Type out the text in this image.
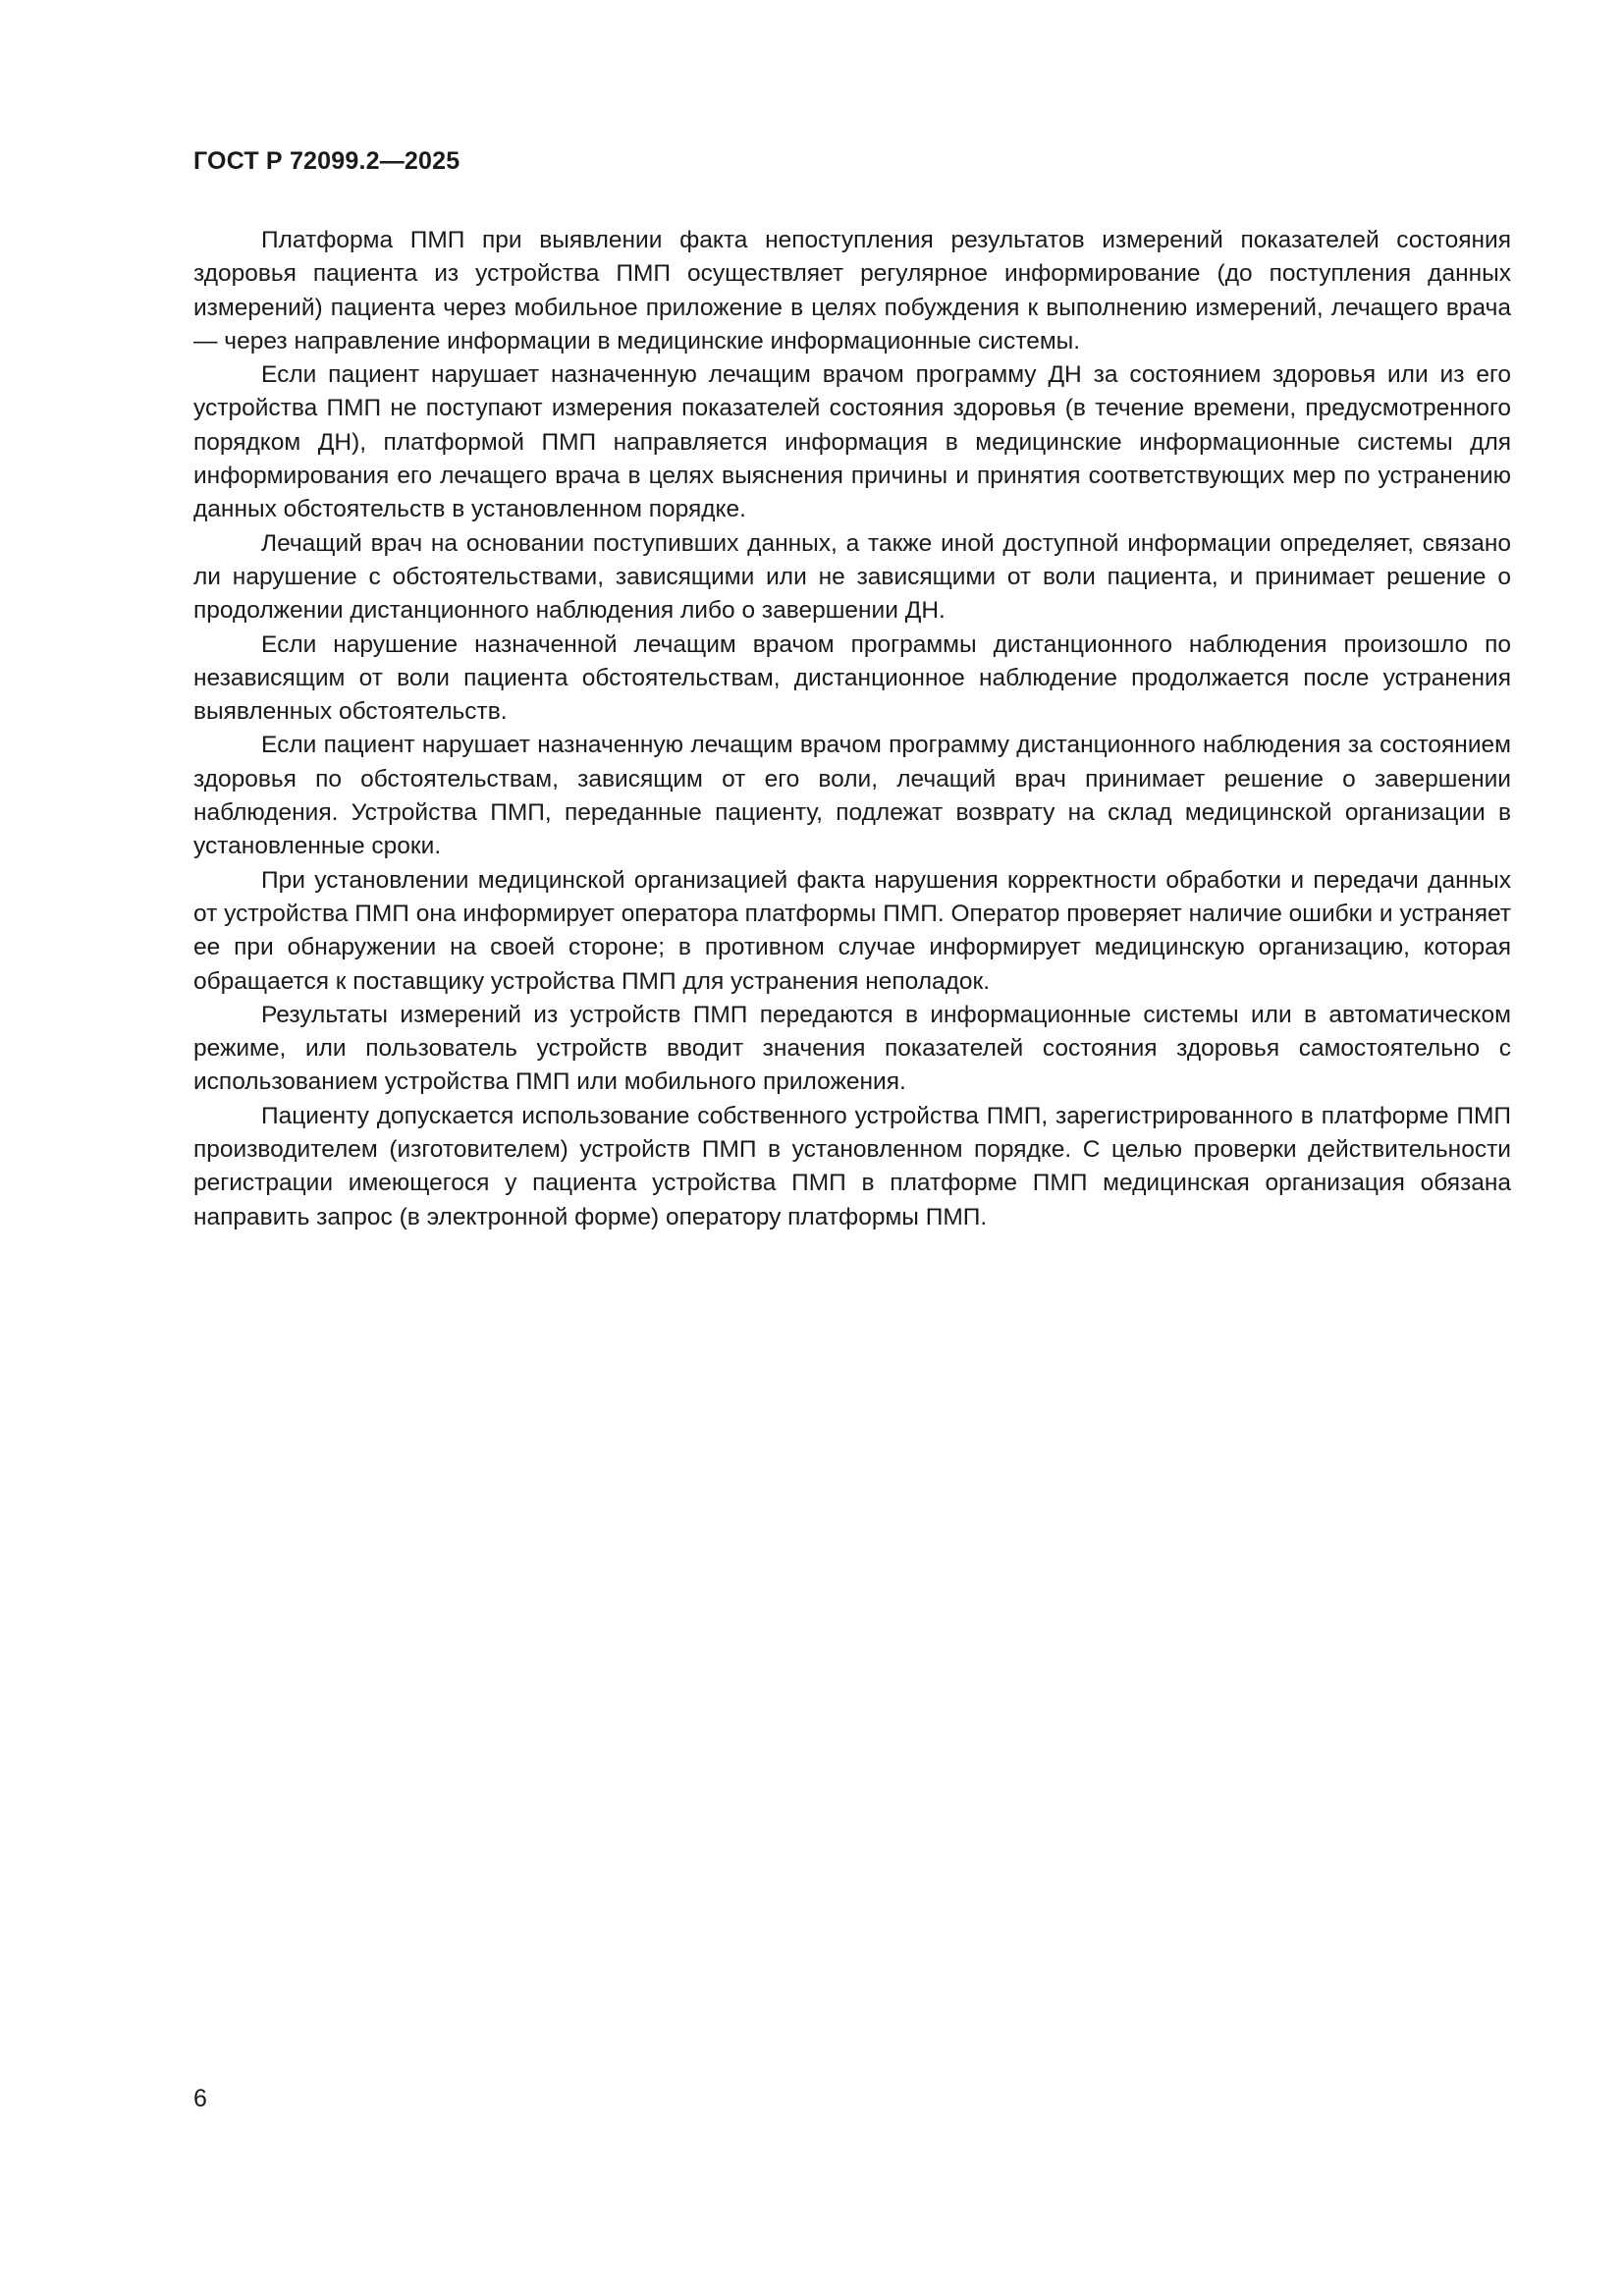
ГОСТ Р 72099.2—2025

Платформа ПМП при выявлении факта непоступления результатов измерений показателей состояния здоровья пациента из устройства ПМП осуществляет регулярное информирование (до поступления данных измерений) пациента через мобильное приложение в целях побуждения к выполнению измерений, лечащего врача — через направление информации в медицинские информационные системы.

Если пациент нарушает назначенную лечащим врачом программу ДН за состоянием здоровья или из его устройства ПМП не поступают измерения показателей состояния здоровья (в течение времени, предусмотренного порядком ДН), платформой ПМП направляется информация в медицинские информационные системы для информирования его лечащего врача в целях выяснения причины и принятия соответствующих мер по устранению данных обстоятельств в установленном порядке.

Лечащий врач на основании поступивших данных, а также иной доступной информации определяет, связано ли нарушение с обстоятельствами, зависящими или не зависящими от воли пациента, и принимает решение о продолжении дистанционного наблюдения либо о завершении ДН.

Если нарушение назначенной лечащим врачом программы дистанционного наблюдения произошло по независящим от воли пациента обстоятельствам, дистанционное наблюдение продолжается после устранения выявленных обстоятельств.

Если пациент нарушает назначенную лечащим врачом программу дистанционного наблюдения за состоянием здоровья по обстоятельствам, зависящим от его воли, лечащий врач принимает решение о завершении наблюдения. Устройства ПМП, переданные пациенту, подлежат возврату на склад медицинской организации в установленные сроки.

При установлении медицинской организацией факта нарушения корректности обработки и передачи данных от устройства ПМП она информирует оператора платформы ПМП. Оператор проверяет наличие ошибки и устраняет ее при обнаружении на своей стороне; в противном случае информирует медицинскую организацию, которая обращается к поставщику устройства ПМП для устранения неполадок.

Результаты измерений из устройств ПМП передаются в информационные системы или в автоматическом режиме, или пользователь устройств вводит значения показателей состояния здоровья самостоятельно с использованием устройства ПМП или мобильного приложения.

Пациенту допускается использование собственного устройства ПМП, зарегистрированного в платформе ПМП производителем (изготовителем) устройств ПМП в установленном порядке. С целью проверки действительности регистрации имеющегося у пациента устройства ПМП в платформе ПМП медицинская организация обязана направить запрос (в электронной форме) оператору платформы ПМП.

6
